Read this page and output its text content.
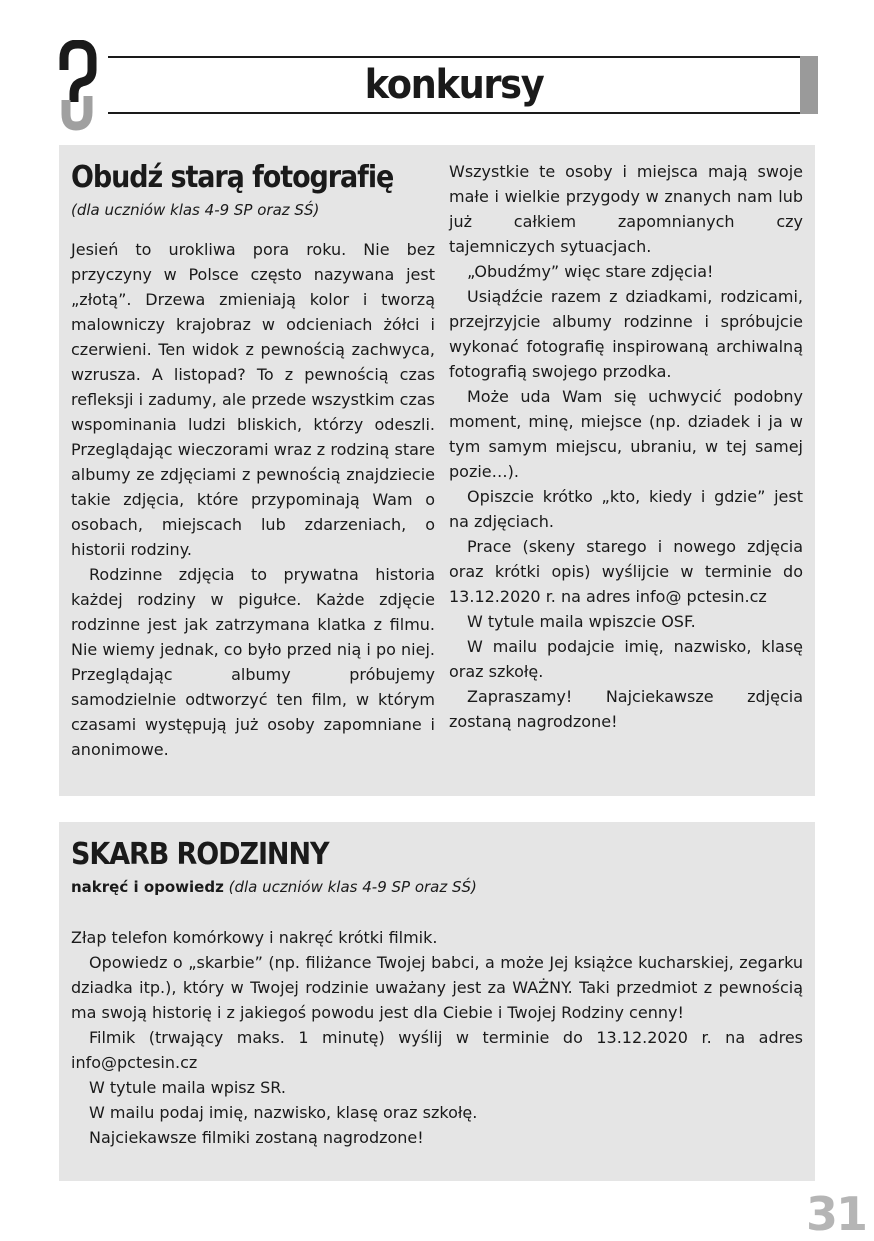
konkursy
Obudź starą fotografię
(dla uczniów klas 4-9 SP oraz SŚ)

Jesień to urokliwa pora roku. Nie bez przyczyny w Polsce często nazywana jest „złotą”. Drzewa zmieniają kolor i tworzą malowniczy krajobraz w odcieniach żółci i czerwieni. Ten widok z pewnością zachwyca, wzrusza. A listopad? To z pewnością czas refleksji i zadumy, ale przede wszystkim czas wspominania ludzi bliskich, którzy odeszli. Przeglądając wieczorami wraz z rodziną stare albumy ze zdjęciami z pewnością znajdziecie takie zdjęcia, które przypominają Wam o osobach, miejscach lub zdarzeniach, o historii rodziny.

Rodzinne zdjęcia to prywatna historia każdej rodziny w pigułce. Każde zdjęcie rodzinne jest jak zatrzymana klatka z filmu. Nie wiemy jednak, co było przed nią i po niej. Przeglądając albumy próbujemy samodzielnie odtworzyć ten film, w którym czasami występują już osoby zapomniane i anonimowe.

Wszystkie te osoby i miejsca mają swoje małe i wielkie przygody w znanych nam lub już całkiem zapomnianych czy tajemniczych sytuacjach.

„Obudźmy” więc stare zdjęcia!

Usiądźcie razem z dziadkami, rodzicami, przejrzyjcie albumy rodzinne i spróbujcie wykonać fotografię inspirowaną archiwalną fotografią swojego przodka.

Może uda Wam się uchwycić podobny moment, minę, miejsce (np. dziadek i ja w tym samym miejscu, ubraniu, w tej samej pozie…).

Opiszcie krótko „kto, kiedy i gdzie” jest na zdjęciach.

Prace (skeny starego i nowego zdjęcia oraz krótki opis) wyślijcie w terminie do 13.12.2020 r. na adres info@ pctesin.cz

W tytule maila wpiszcie OSF.

W mailu podajcie imię, nazwisko, klasę oraz szkołę.

Zapraszamy! Najciekawsze zdjęcia zostaną nagrodzone!

SKARB RODZINNY
nakręć i opowiedz (dla uczniów klas 4-9 SP oraz SŚ)

Złap telefon komórkowy i nakręć krótki filmik.

Opowiedz o „skarbie” (np. filiżance Twojej babci, a może Jej książce kucharskiej, zegarku dziadka itp.), który w Twojej rodzinie uważany jest za WAŻNY. Taki przedmiot z pewnością ma swoją historię i z jakiegoś powodu jest dla Ciebie i Twojej Rodziny cenny!

Filmik (trwający maks. 1 minutę) wyślij w terminie do 13.12.2020 r. na adres info@pctesin.cz

W tytule maila wpisz SR.

W mailu podaj imię, nazwisko, klasę oraz szkołę.

Najciekawsze filmiki zostaną nagrodzone!

31
